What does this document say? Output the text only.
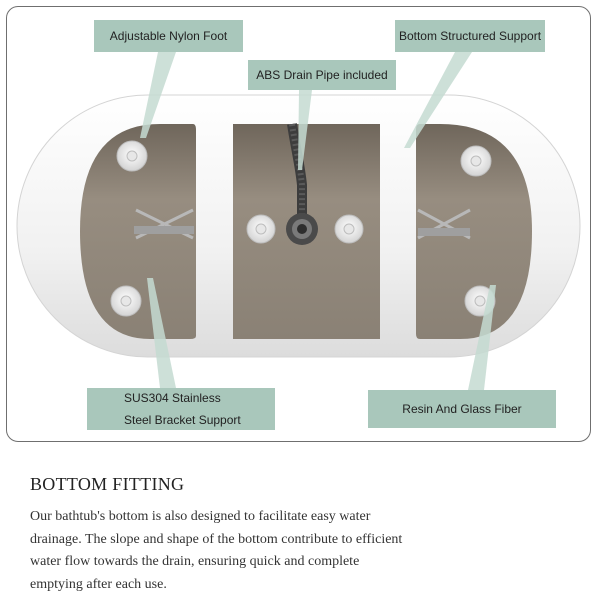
Adjustable Nylon Foot	Bottom Structured Support
ABS Drain Pipe included
SUS304 Stainless
Steel Bracket Support
Resin And Glass Fiber
BOTTOM FITTING
Our bathtub's bottom is also designed to facilitate easy water drainage. The slope and shape of the bottom contribute to efficient water flow towards the drain, ensuring quick and complete emptying after each use.
